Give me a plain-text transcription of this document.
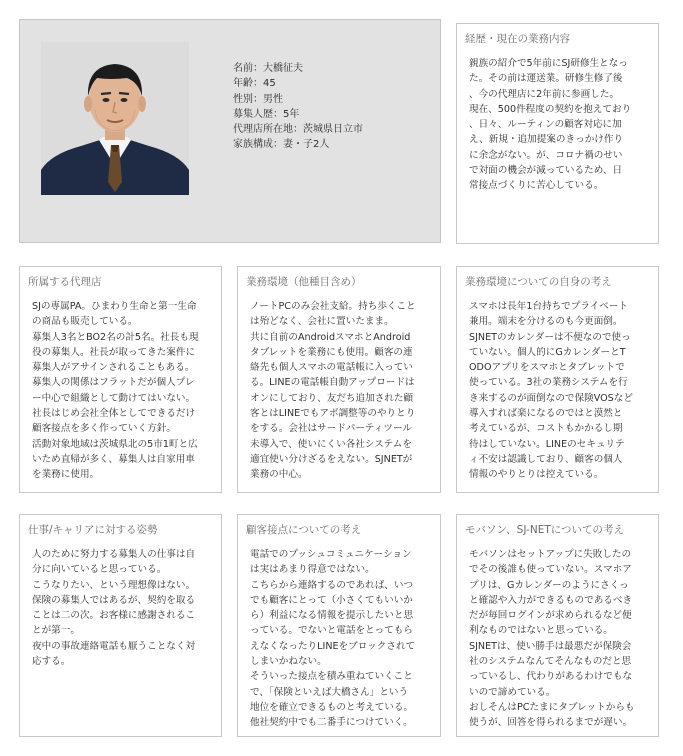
名前：大橋征夫
年齢：45
性別：男性
募集人歴：5年
代理店所在地：茨城県日立市
家族構成：妻・子2人
経歴・現在の業務内容

親族の紹介で5年前にSJ研修生となっ

た。その前は運送業。研修生修了後

、今の代理店に2年前に参画した。

現在、500件程度の契約を抱えており

、日々、ルーティンの顧客対応に加

え、新規・追加提案のきっかけ作り

に余念がない。が、コロナ禍のせい

で対面の機会が減っているため、日

常接点づくりに苦心している。

所属する代理店

SJの専属PA。ひまわり生命と第一生命

の商品も販売している。

募集人3名とBO2名の計5名。社長も現

役の募集人。社長が取ってきた案件に

募集人がアサインされることもある。

募集人の関係はフラットだが個人プレ

ー中心で組織として動けてはいない。

社長はじめ会社全体としてできるだけ

顧客接点を多く作っていく方針。

活動対象地域は茨城県北の5市1町と広

いため直帰が多く、募集人は自家用車

を業務に使用。

業務環境（他種目含め）

ノートPCのみ会社支給。持ち歩くこと

は殆どなく、会社に置いたまま。

共に自前のAndroidスマホとAndroid

タブレットを業務にも使用。顧客の連

絡先も個人スマホの電話帳に入ってい

る。LINEの電話帳自動アップロードは

オンにしており、友だち追加された顧

客とはLINEでもアポ調整等のやりとり

をする。会社はサードパーティツール

未導入で、使いにくい各社システムを

適宜使い分けざるをえない。SJNETが

業務の中心。

業務環境についての自身の考え

スマホは長年1台持ちでプライベート

兼用。端末を分けるのも今更面倒。

SJNETのカレンダーは不便なので使っ

ていない。個人的にGカレンダーとT

ODOアプリをスマホとタブレットで

使っている。3社の業務システムを行

き来するのが面倒なので保険VOSなど

導入すれば楽になるのではと漠然と

考えているが、コストもかかるし期

待はしていない。LINEのセキュリテ

ィ不安は認識しており、顧客の個人

情報のやりとりは控えている。

仕事/キャリアに対する姿勢

人のために努力する募集人の仕事は自

分に向いていると思っている。

こうなりたい、という理想像はない。

保険の募集人ではあるが、契約を取る

ことは二の次。お客様に感謝されるこ

とが第一。

夜中の事故連絡電話も厭うことなく対

応する。

顧客接点についての考え

電話でのプッシュコミュニケーション

は実はあまり得意ではない。

こちらから連絡するのであれば、いつ

でも顧客にとって（小さくてもいいか

ら）利益になる情報を提示したいと思

っている。でないと電話をとってもら

えなくなったりLINEをブロックされて

しまいかねない。

そういった接点を積み重ねていくこと

で、「保険といえば大橋さん」という

地位を確立できるものと考えている。

他社契約中でも二番手につけていく。

モバソン、SJ-NETについての考え

モバソンはセットアップに失敗したの

でその後誰も使っていない。スマホア

プリは、Gカレンダーのようにさくっ

と確認や入力ができるものであるべき

だが毎回ログインが求められるなど便

利なものではないと思っている。

SJNETは、使い勝手は最悪だが保険会

社のシステムなんてそんなものだと思

っているし、代わりがあるわけでもな

いので諦めている。

おしそんはPCたまにタブレットからも

使うが、回答を得られるまでが遅い。
